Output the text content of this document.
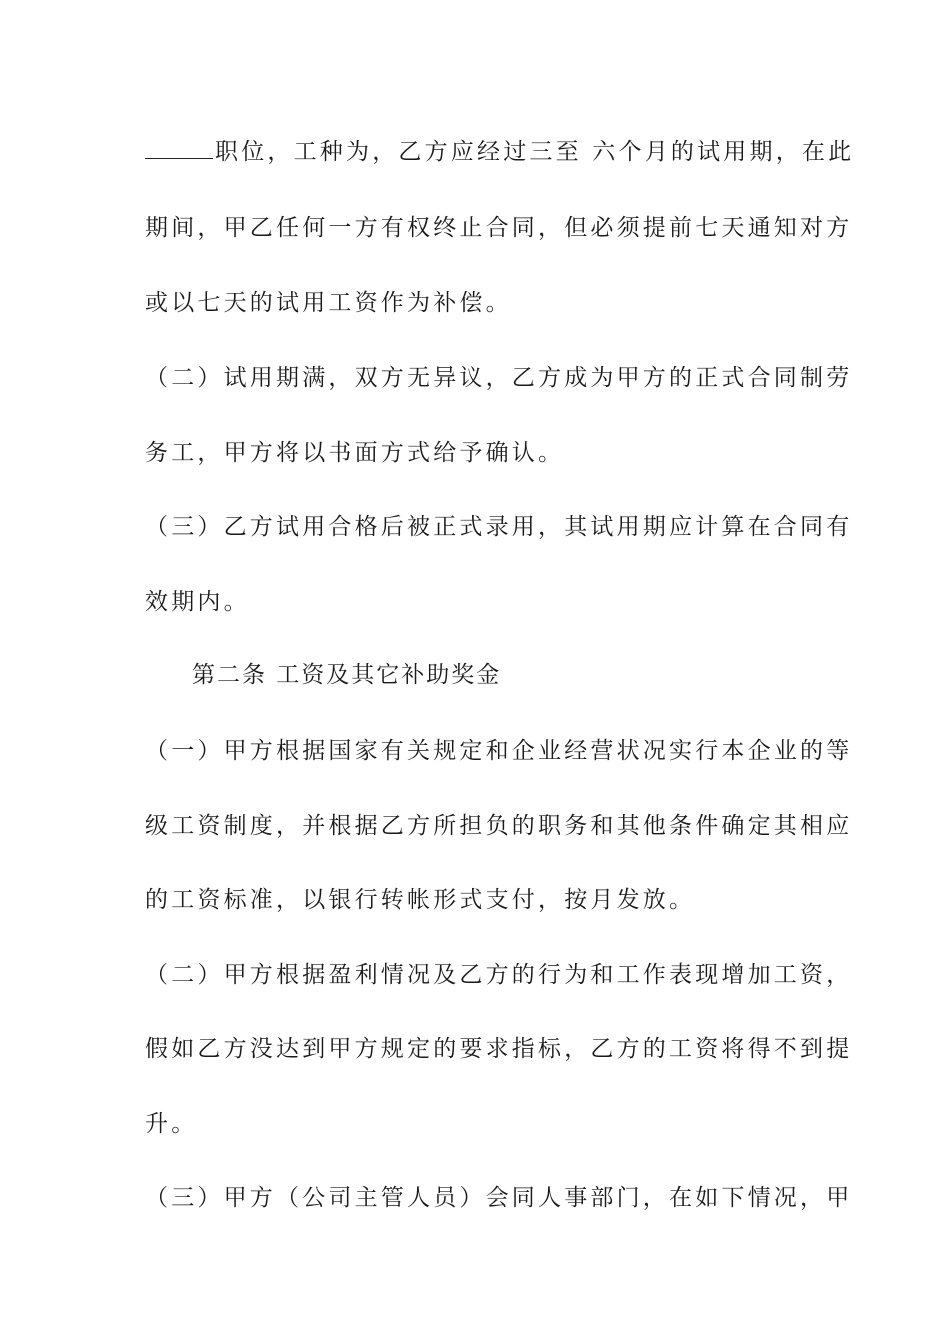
职位，工种为，乙方应经过三至 六个月的试用期，在此
期间，甲乙任何一方有权终止合同，但必须提前七天通知对方
或以七天的试用工资作为补偿。
（二）试用期满，双方无异议，乙方成为甲方的正式合同制劳
务工，甲方将以书面方式给予确认。
（三）乙方试用合格后被正式录用，其试用期应计算在合同有
效期内。
第二条 工资及其它补助奖金
（一）甲方根据国家有关规定和企业经营状况实行本企业的等
级工资制度，并根据乙方所担负的职务和其他条件确定其相应
的工资标准，以银行转帐形式支付，按月发放。
（二）甲方根据盈利情况及乙方的行为和工作表现增加工资，
假如乙方没达到甲方规定的要求指标，乙方的工资将得不到提
升。
（三）甲方（公司主管人员）会同人事部门，在如下情况，甲
